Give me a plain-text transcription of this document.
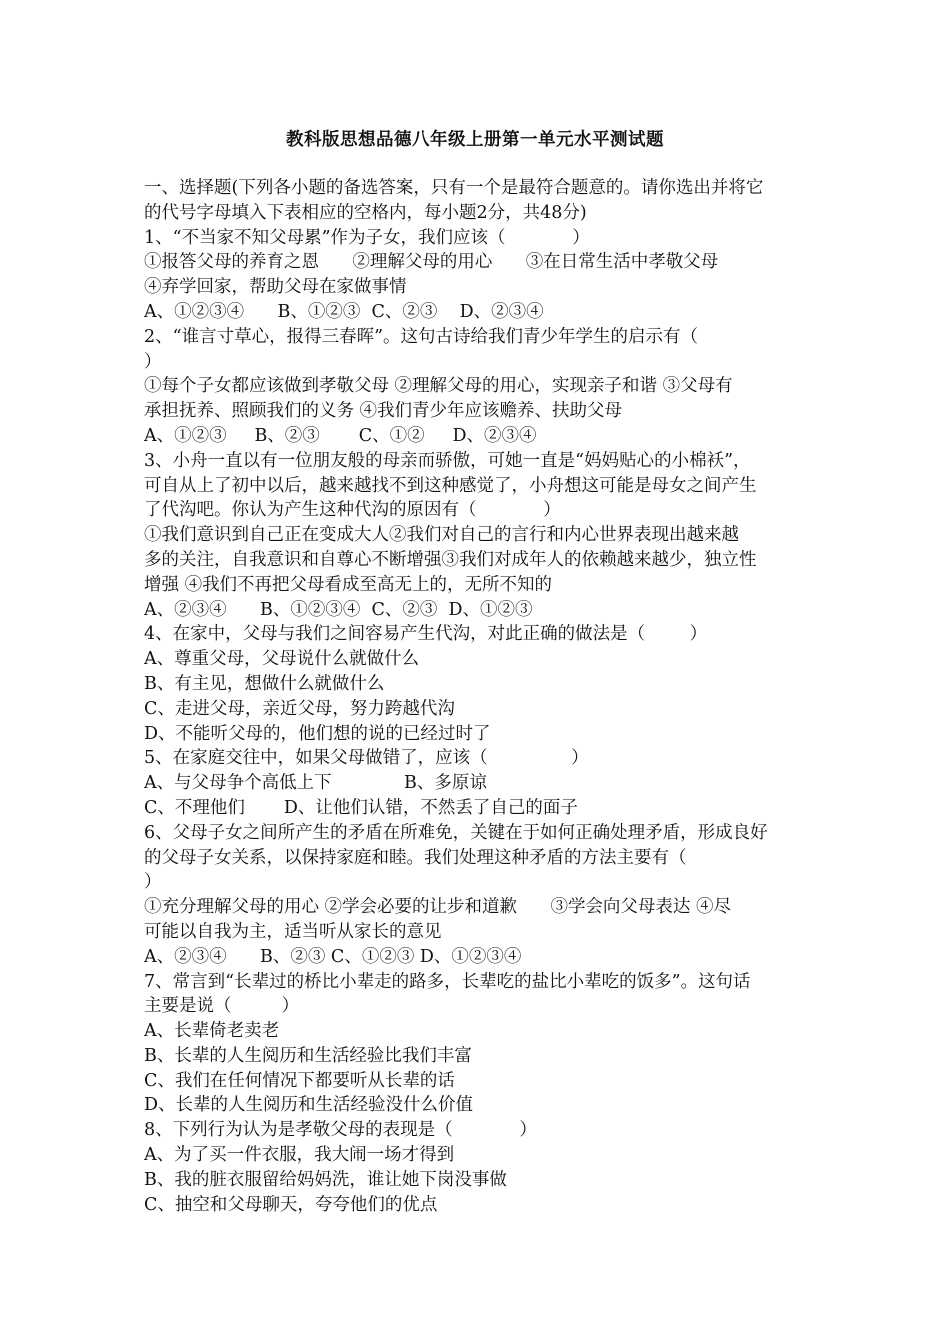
教科版思想品德八年级上册第一单元水平测试题
一、选择题(下列各小题的备选答案，只有一个是最符合题意的。请你选出并将它
的代号字母填入下表相应的空格内，每小题2分，共48分)
1、“不当家不知父母累”作为子女，我们应该（            ）
①报答父母的养育之恩      ②理解父母的用心      ③在日常生活中孝敬父母
④弃学回家，帮助父母在家做事情
A、①②③④      B、①②③  C、②③    D、②③④
2、“谁言寸草心，报得三春晖”。这句古诗给我们青少年学生的启示有（
）
①每个子女都应该做到孝敬父母 ②理解父母的用心，实现亲子和谐 ③父母有
承担抚养、照顾我们的义务 ④我们青少年应该赡养、扶助父母
A、①②③     B、②③       C、①②     D、②③④
3、小舟一直以有一位朋友般的母亲而骄傲，可她一直是“妈妈贴心的小棉袄”，
可自从上了初中以后，越来越找不到这种感觉了，小舟想这可能是母女之间产生
了代沟吧。你认为产生这种代沟的原因有（            ）
①我们意识到自己正在变成大人②我们对自己的言行和内心世界表现出越来越
多的关注，自我意识和自尊心不断增强③我们对成年人的依赖越来越少，独立性
增强 ④我们不再把父母看成至高无上的，无所不知的
A、②③④      B、①②③④  C、②③  D、①②③
4、在家中，父母与我们之间容易产生代沟，对此正确的做法是（        ）
A、尊重父母，父母说什么就做什么
B、有主见，想做什么就做什么
C、走进父母，亲近父母，努力跨越代沟
D、不能听父母的，他们想的说的已经过时了
5、在家庭交往中，如果父母做错了，应该（               ）
A、与父母争个高低上下             B、多原谅
C、不理他们       D、让他们认错，不然丢了自己的面子
6、父母子女之间所产生的矛盾在所难免，关键在于如何正确处理矛盾，形成良好
的父母子女关系，以保持家庭和睦。我们处理这种矛盾的方法主要有（
）
①充分理解父母的用心 ②学会必要的让步和道歉      ③学会向父母表达 ④尽
可能以自我为主，适当听从家长的意见
A、②③④      B、②③ C、①②③ D、①②③④
7、常言到“长辈过的桥比小辈走的路多，长辈吃的盐比小辈吃的饭多”。这句话
主要是说（         ）
A、长辈倚老卖老
B、长辈的人生阅历和生活经验比我们丰富
C、我们在任何情况下都要听从长辈的话
D、长辈的人生阅历和生活经验没什么价值
8、下列行为认为是孝敬父母的表现是（            ）
A、为了买一件衣服，我大闹一场才得到
B、我的脏衣服留给妈妈洗，谁让她下岗没事做
C、抽空和父母聊天，夸夸他们的优点
